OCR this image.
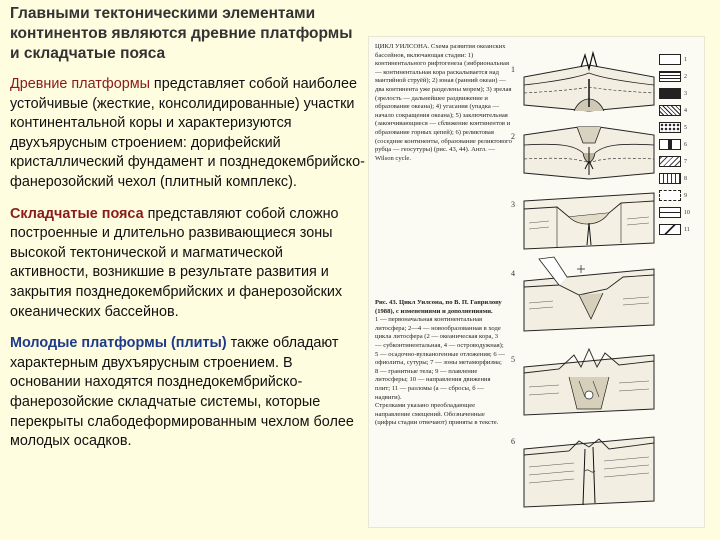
Главными тектоническими элементами континентов являются древние платформы и складчатые пояса

Древние платформы представляет собой наиболее устойчивые (жесткие, консолидированные) участки континентальной коры и характеризуются двухъярусным строением: дорифейский кристаллический фундамент и позднедокембрийско-фанерозойский чехол (плитный комплекс).

Складчатые пояса представляют собой сложно построенные и длительно развивающиеся зоны высокой тектонической и магматической активности, возникшие в результате развития и закрытия позднедокембрийских и фанерозойских океанических бассейнов.

Молодые платформы (плиты) также обладают характерным двухъярусным строением. В основании находятся позднедокембрийско-фанерозойские складчатые системы, которые перекрыты слабодеформированным чехлом более молодых осадков.

ЦИКЛ УИЛСОНА. Схема развития океанских бассейнов, включающая стадии: 1) континентального рифтогенеза (эмбриональная — континентальная кора раскалывается над мантийной струёй); 2) юная (ранний океан) — два континента уже разделены морем); 3) зрелая (зрелость — дальнейшее раздвижение и образование океана); 4) угасания (упадка — начало сокращения океана); 5) заключительная (закончивающиеся — сближение континентов и образование горных цепей); 6) реликтовая (соседние континенты, образование реликтового рубца — геосутуры) (рис. 43, 44). Англ. — Wilson cycle.
Рис. 43. Цикл Уилсона, по В. П. Гаврилову (1988), с изменениями и дополнениями.
1 — первоначальная континентальная литосфера; 2—4 — новообразованная в ходе цикла литосфера (2 — океаническая кора, 3 — субконтинентальная, 4 — островодужная); 5 — осадочно-вулканогенные отложения; 6 — офиолиты, сутуры; 7 — зоны метаморфизма; 8 — гранитные тела; 9 — плавление литосферы; 10 — направления движения плит; 11 — разломы (а — сбросы, б — надвиги).
Стрелками указано преобладающее направление смещений. Обозначенные (цифры стадии отвечают) приняты в тексте.
1
2
3
4
5
6
1
2
3
4
5
6
7
8
9
10
11
